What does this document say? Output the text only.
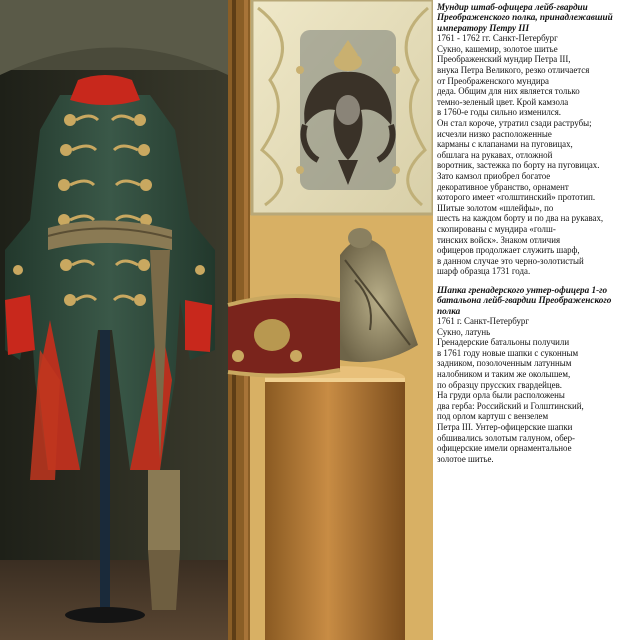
Мундир штаб-офицера лейб-гвардии Преображенского полка, принадлежавший императору Петру III

1761 - 1762 гг. Санкт-Петербург
Сукно, кашемир, золотое шитье
Преображенский мундир Петра III,
внука Петра Великого, резко отличается
от Преображенского мундира
деда. Общим для них является только
темно-зеленый цвет. Крой камзола
в 1760-е годы сильно изменился.
Он стал короче, утратил сзади раструбы;
исчезли низко расположенные
карманы с клапанами на пуговицах,
обшлага на рукавах, отложной
воротник, застежка по борту на пуговицах.
Зато камзол приобрел богатое
декоративное убранство, орнамент
которого имеет «голштинский» прототип.
Шитые золотом «шлейфы», по
шесть на каждом борту и по два на рукавах,
скопированы с мундира «голш-
тинских войск». Знаком отличия
офицеров продолжает служить шарф,
в данном случае это черно-золотистый
шарф образца 1731 года.

Шапка гренадерского унтер-офицера 1-го батальона лейб-гвардии Преображенского полка

1761 г. Санкт-Петербург
Сукно, латунь
Гренадерские батальоны получили
в 1761 году новые шапки с суконным
задником, позолоченным латунным
налобником и таким же околышем,
по образцу прусских гвардейцев.
На груди орла были расположены
два герба: Российский и Голштинский,
под орлом картуш с вензелем
Петра III. Унтер-офицерские шапки
обшивались золотым галуном, обер-
офицерские имели орнаментальное
золотое шитье.
